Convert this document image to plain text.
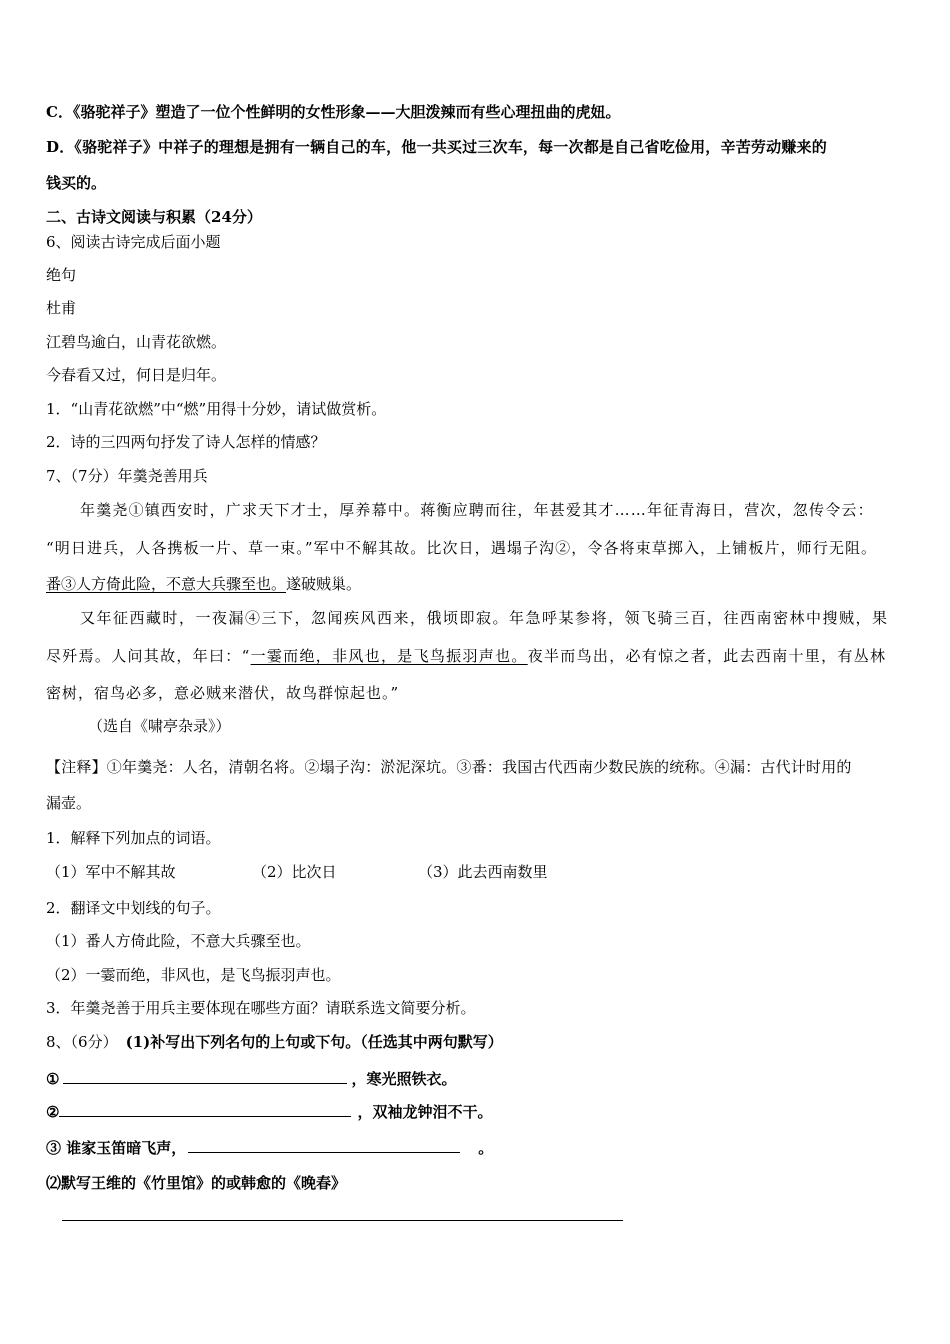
C．《骆驼祥子》塑造了一位个性鲜明的女性形象——大胆泼辣而有些心理扭曲的虎妞。
D．《骆驼祥子》中祥子的理想是拥有一辆自己的车，他一共买过三次车，每一次都是自己省吃俭用，辛苦劳动赚来的
钱买的。
二、古诗文阅读与积累（24分）
6、阅读古诗完成后面小题
绝句
杜甫
江碧鸟逾白，山青花欲燃。
今春看又过，何日是归年。
1．“山青花欲燃”中“燃”用得十分妙，请试做赏析。
2．诗的三四两句抒发了诗人怎样的情感？
7、（7分）年羹尧善用兵
年羹尧①镇西安时，广求天下才士，厚养幕中。蒋衡应聘而往，年甚爱其才……年征青海日，营次，忽传令云：
“明日进兵，人各携板一片、草一束。”军中不解其故。比次日，遇塌子沟②，令各将束草掷入，上铺板片，师行无阻。
番③人方倚此险，不意大兵骤至也。遂破贼巢。
又年征西藏时，一夜漏④三下，忽闻疾风西来，俄顷即寂。年急呼某参将，领飞骑三百，往西南密林中搜贼，果
尽歼焉。人问其故，年曰：“一霎而绝，非风也，是飞鸟振羽声也。夜半而鸟出，必有惊之者，此去西南十里，有丛林
密树，宿鸟必多，意必贼来潜伏，故鸟群惊起也。”
（选自《啸亭杂录》）
【注释】①年羹尧：人名，清朝名将。②塌子沟：淤泥深坑。③番：我国古代西南少数民族的统称。④漏：古代计时用的
漏壶。
1．解释下列加点的词语。
（1）军中不解其故	（2）比次日	（3）此去西南数里
2．翻译文中划线的句子。
（1）番人方倚此险，不意大兵骤至也。
（2）一霎而绝，非风也，是飞鸟振羽声也。
3．年羹尧善于用兵主要体现在哪些方面？请联系选文简要分析。
8、（6分） (1)补写出下列名句的上句或下句。（任选其中两句默写）
①	，寒光照铁衣。
②	，双袖龙钟泪不干。
③ 谁家玉笛暗飞声，	。
⑵默写王维的《竹里馆》的或韩愈的《晚春》
